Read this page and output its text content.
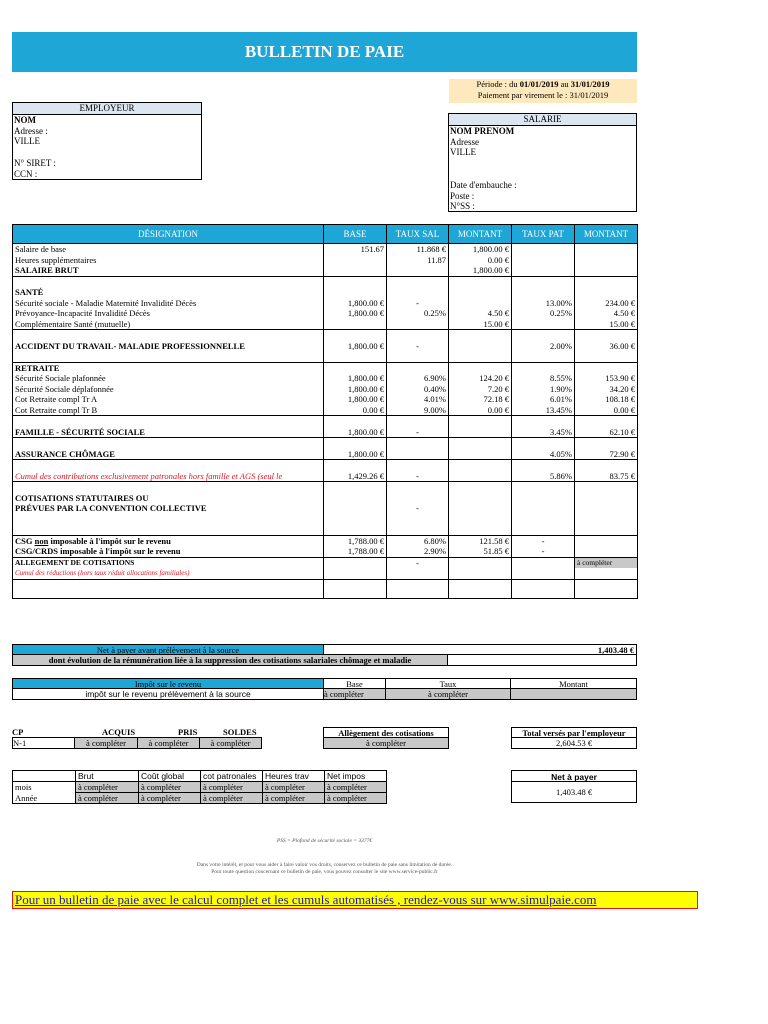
BULLETIN DE PAIE
Période : du 01/01/2019 au 31/01/2019
Paiement par virement le : 31/01/2019
EMPLOYEUR
NOM
Adresse :
VILLE
N° SIRET :
CCN :
SALARIE
NOM PRENOM
Adresse
VILLE
Date d'embauche :
Poste :
N°SS :
DÉSIGNATION	BASE	TAUX SAL	MONTANT	TAUX PAT	MONTANT
Salaire de base	151.67	11.868 €	1,800.00 €		
Heures supplémentaires		11.87	0.00 €		
SALAIRE BRUT			1,800.00 €		

SANTÉ					
Sécurité sociale - Maladie Maternité Invalidité Décès	1,800.00 €	-		13.00%	234.00 €
Prévoyance-Incapacité Invalidité Décès	1,800.00 €	0.25%	4.50 €	0.25%	4.50 €
Complémentaire Santé (mutuelle)			15.00 €		15.00 €

ACCIDENT DU TRAVAIL- MALADIE PROFESSIONNELLE	1,800.00 €	-		2.00%	36.00 €

RETRAITE					
Sécurité Sociale plafonnée	1,800.00 €	6.90%	124.20 €	8.55%	153.90 €
Sécurité Sociale déplafonnée	1,800.00 €	0.40%	7.20 €	1.90%	34.20 €
Cot Retraite compl Tr A	1,800.00 €	4.01%	72.18 €	6.01%	108.18 €
Cot Retraite compl Tr B	0.00 €	9.00%	0.00 €	13.45%	0.00 €

FAMILLE - SÉCURITÉ SOCIALE	1,800.00 €	-		3.45%	62.10 €

ASSURANCE CHÔMAGE	1,800.00 €			4.05%	72.90 €

Cumul des contributions exclusivement patronales hors famille et AGS (seul le	1,429.26 €	-		5.86%	83.75 €

COTISATIONS STATUTAIRES OU					
PRÉVUES PAR LA CONVENTION COLLECTIVE		-			

CSG non imposable à l'impôt sur le revenu	1,788.00 €	6.80%	121.58 €	-	
CSG/CRDS imposable à l'impôt sur le revenu	1,788.00 €	2.90%	51.85 €	-	
ALLEGEMENT DE COTISATIONS		-			à compléter
Cumul des réductions (hors taux réduit allocations familiales)					

Net à payer avant prélèvement à la source	1,403.48 €
dont évolution de la rémunération liée à la suppression des cotisations salariales chômage et maladie
Impôt sur le revenu	Base	Taux	Montant
impôt sur le revenu prélèvement à la source	à compléter	à compléter
CP	ACQUIS	PRIS	SOLDES
N-1	à compléter	à compléter	à compléter
Allègement des cotisations
à compléter
Total versés par l'employeur
2,604.53 €
	Brut	Coût global	cot patronales	Heures trav	Net impos
mois	à compléter	à compléter	à compléter	à compléter	à compléter
Année	à compléter	à compléter	à compléter	à compléter	à compléter
Net à payer
1,403.48 €
PSS = Plafond de sécurité sociale = 3377€
Dans votre intérêt, et pour vous aider à faire valoir vos droits, conservez ce bulletin de paie sans limitation de durée.
Pour toute question concernant ce bulletin de paie, vous pouvez consulter le site www.service-public.fr
Pour un bulletin de paie avec le calcul complet et les cumuls automatisés , rendez-vous sur www.simulpaie.com
